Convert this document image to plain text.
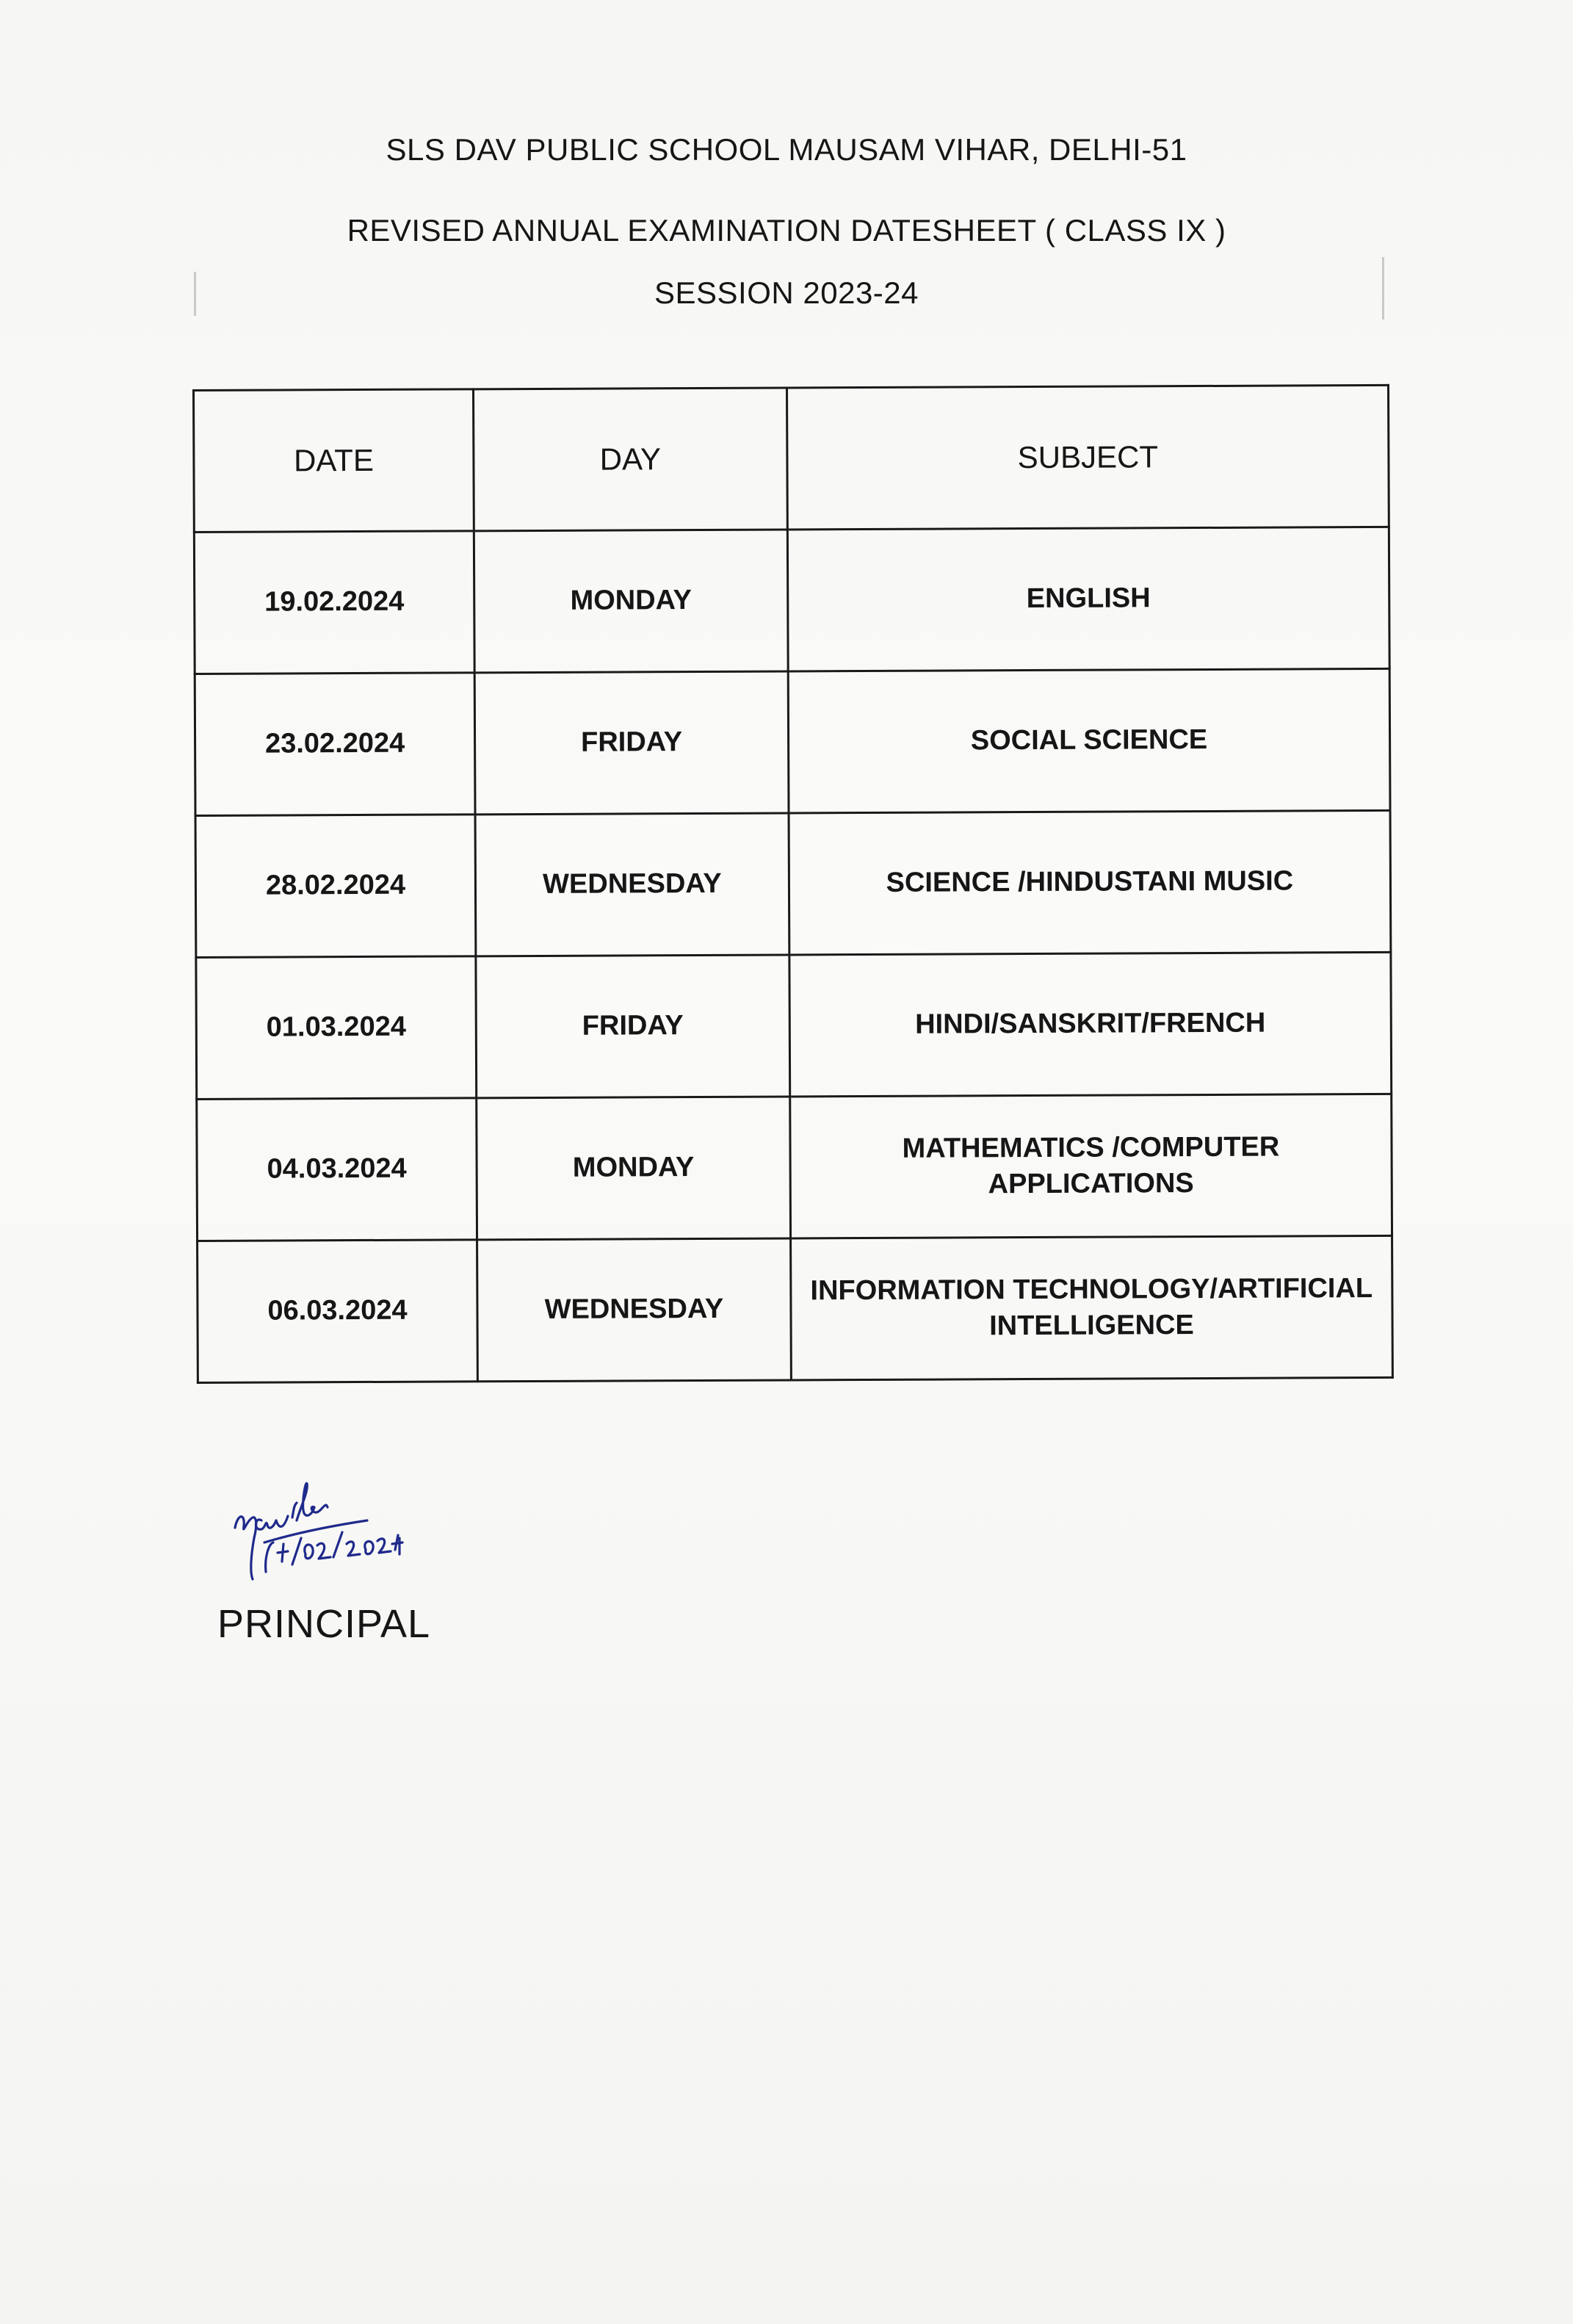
SLS DAV PUBLIC SCHOOL MAUSAM VIHAR, DELHI-51
REVISED ANNUAL EXAMINATION DATESHEET ( CLASS IX )
SESSION 2023-24
DATE	DAY	SUBJECT
19.02.2024	MONDAY	ENGLISH
23.02.2024	FRIDAY	SOCIAL SCIENCE
28.02.2024	WEDNESDAY	SCIENCE /HINDUSTANI MUSIC
01.03.2024	FRIDAY	HINDI/SANSKRIT/FRENCH
04.03.2024	MONDAY	MATHEMATICS /COMPUTER APPLICATIONS
06.03.2024	WEDNESDAY	INFORMATION TECHNOLOGY/ARTIFICIAL INTELLIGENCE
PRINCIPAL
